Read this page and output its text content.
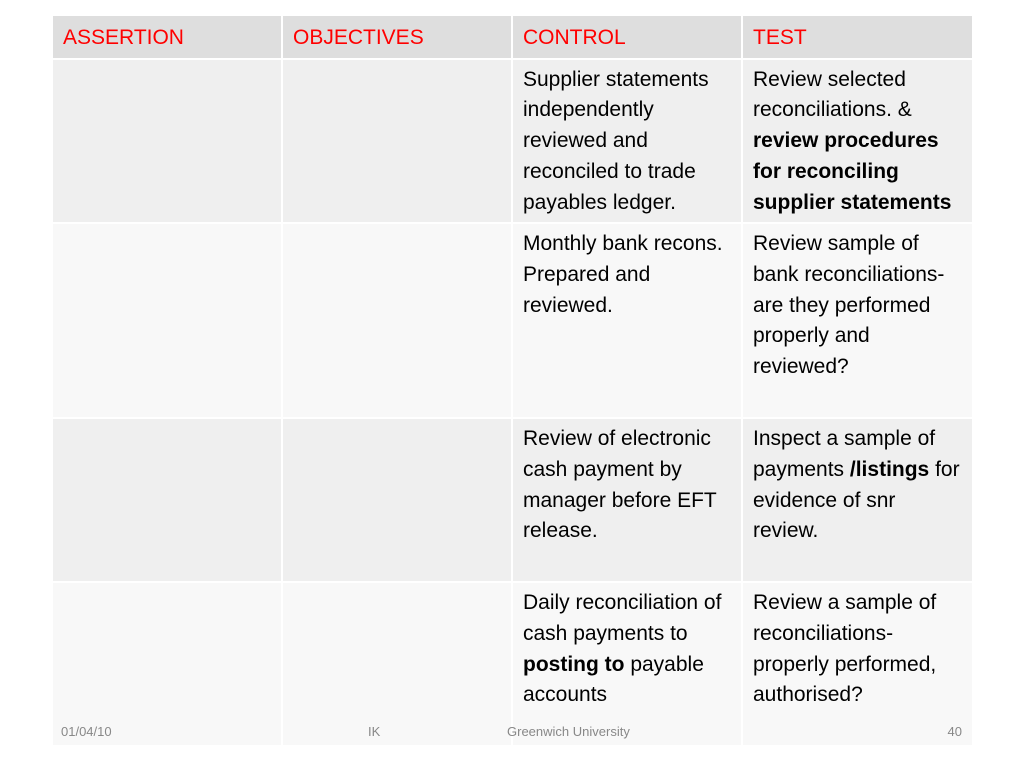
ASSERTION	OBJECTIVES	CONTROL	TEST
		Supplier statements independently reviewed and reconciled to trade payables ledger.	Review selected reconciliations. & review procedures for reconciling supplier statements
		Monthly bank recons. Prepared and reviewed.	Review sample of bank reconciliations-are they performed properly and reviewed?
		Review of electronic cash payment by manager before EFT release.	Inspect a sample of payments /listings for evidence of snr review.
		Daily reconciliation of cash payments to posting to payable accounts	Review a sample of reconciliations-properly performed, authorised?
01/04/10	IK	Greenwich University	40
